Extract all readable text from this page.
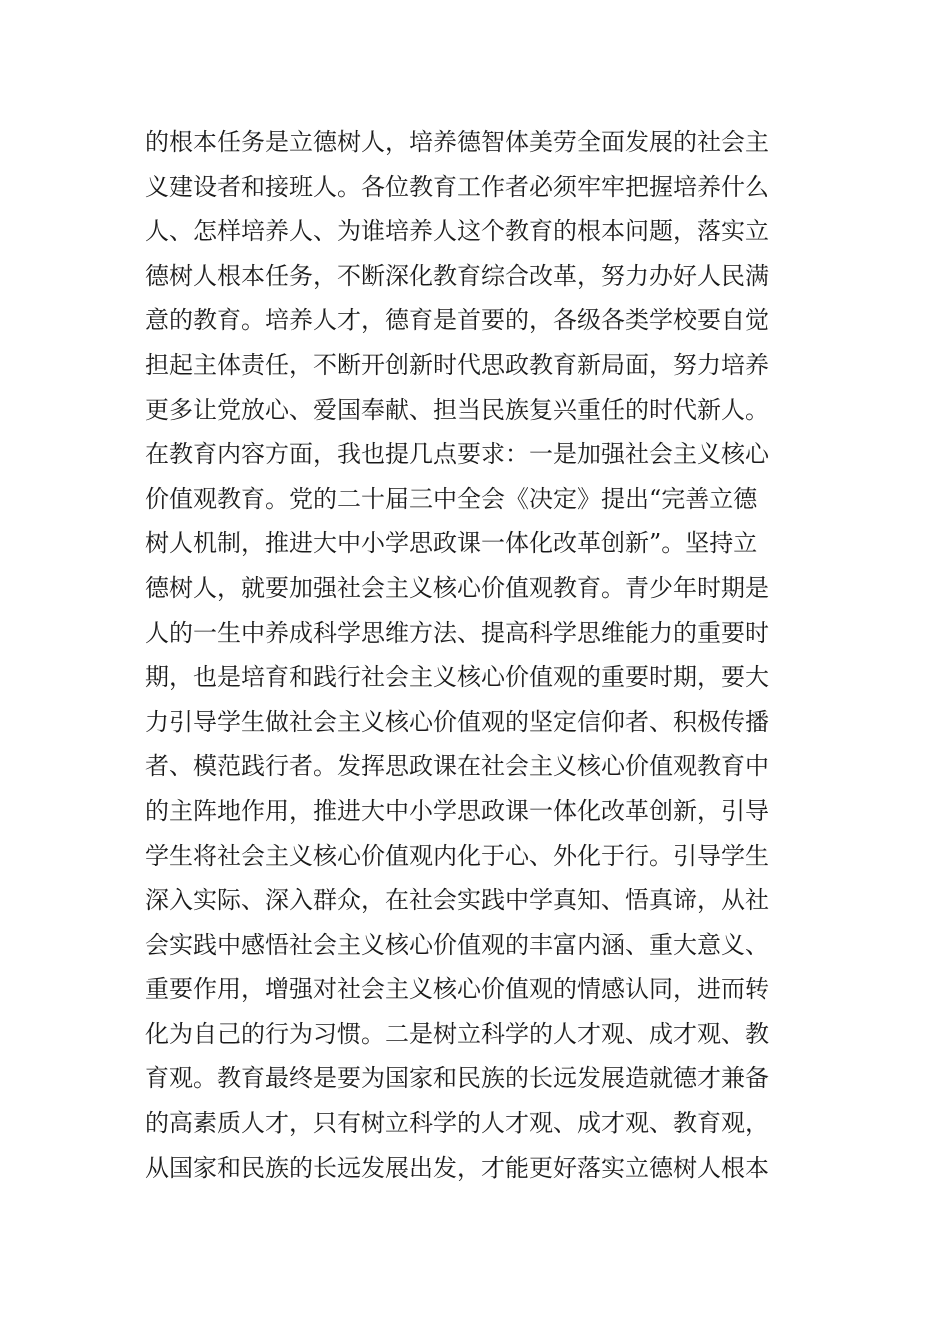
的根本任务是立德树人，培养德智体美劳全面发展的社会主
义建设者和接班人。各位教育工作者必须牢牢把握培养什么
人、怎样培养人、为谁培养人这个教育的根本问题，落实立
德树人根本任务，不断深化教育综合改革，努力办好人民满
意的教育。培养人才，德育是首要的，各级各类学校要自觉
担起主体责任，不断开创新时代思政教育新局面，努力培养
更多让党放心、爱国奉献、担当民族复兴重任的时代新人。
在教育内容方面，我也提几点要求：一是加强社会主义核心
价值观教育。党的二十届三中全会《决定》提出“完善立德
树人机制，推进大中小学思政课一体化改革创新”。坚持立
德树人，就要加强社会主义核心价值观教育。青少年时期是
人的一生中养成科学思维方法、提高科学思维能力的重要时
期，也是培育和践行社会主义核心价值观的重要时期，要大
力引导学生做社会主义核心价值观的坚定信仰者、积极传播
者、模范践行者。发挥思政课在社会主义核心价值观教育中
的主阵地作用，推进大中小学思政课一体化改革创新，引导
学生将社会主义核心价值观内化于心、外化于行。引导学生
深入实际、深入群众，在社会实践中学真知、悟真谛，从社
会实践中感悟社会主义核心价值观的丰富内涵、重大意义、
重要作用，增强对社会主义核心价值观的情感认同，进而转
化为自己的行为习惯。二是树立科学的人才观、成才观、教
育观。教育最终是要为国家和民族的长远发展造就德才兼备
的高素质人才，只有树立科学的人才观、成才观、教育观，
从国家和民族的长远发展出发，才能更好落实立德树人根本
